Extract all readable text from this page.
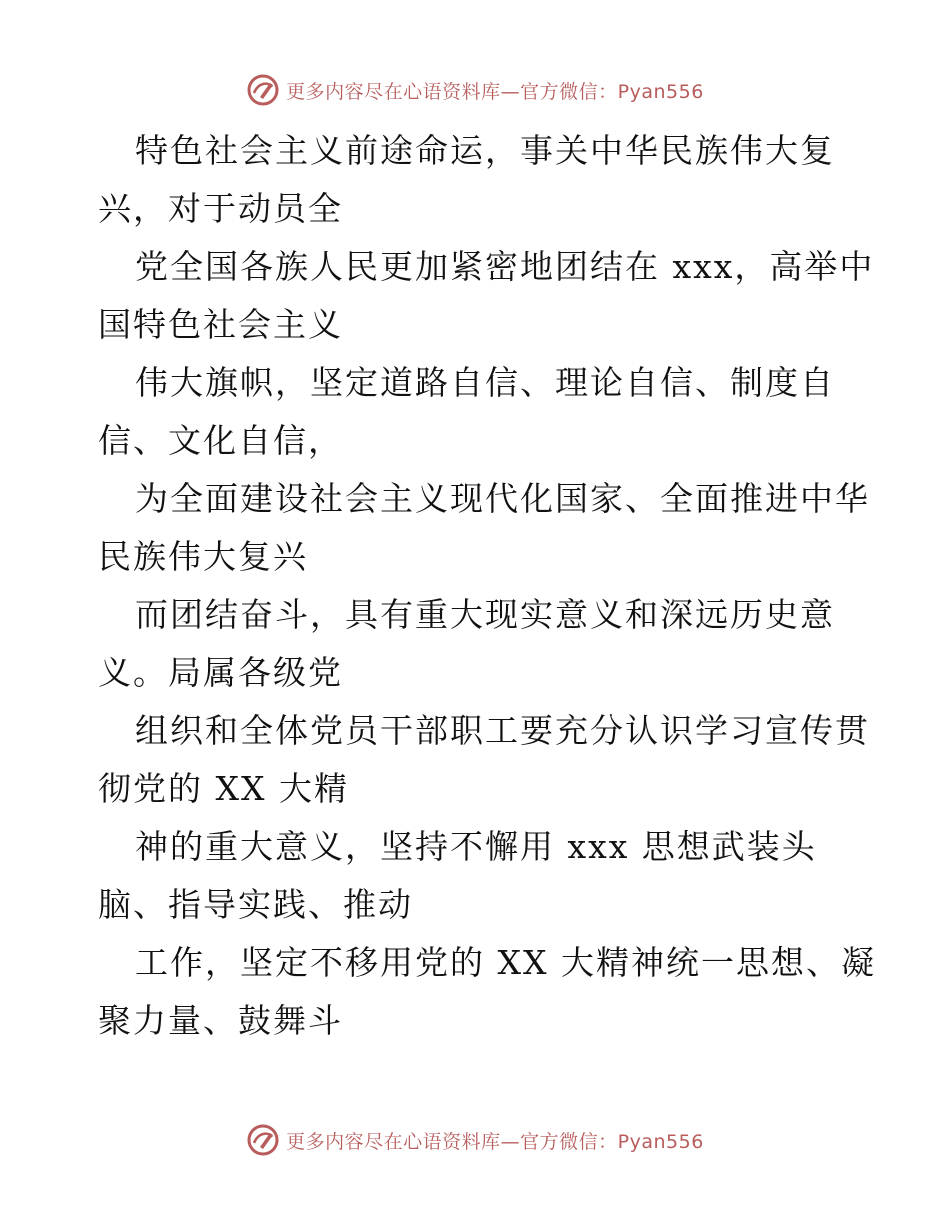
更多内容尽在心语资料库—官方微信：Pyan556

特色社会主义前途命运，事关中华民族伟大复
兴，对于动员全

党全国各族人民更加紧密地团结在 xxx，高举中
国特色社会主义

伟大旗帜，坚定道路自信、理论自信、制度自
信、文化自信，

为全面建设社会主义现代化国家、全面推进中华
民族伟大复兴

而团结奋斗，具有重大现实意义和深远历史意
义。局属各级党

组织和全体党员干部职工要充分认识学习宣传贯
彻党的 XX 大精

神的重大意义，坚持不懈用 xxx 思想武装头
脑、指导实践、推动

工作，坚定不移用党的 XX 大精神统一思想、凝
聚力量、鼓舞斗

更多内容尽在心语资料库—官方微信：Pyan556
